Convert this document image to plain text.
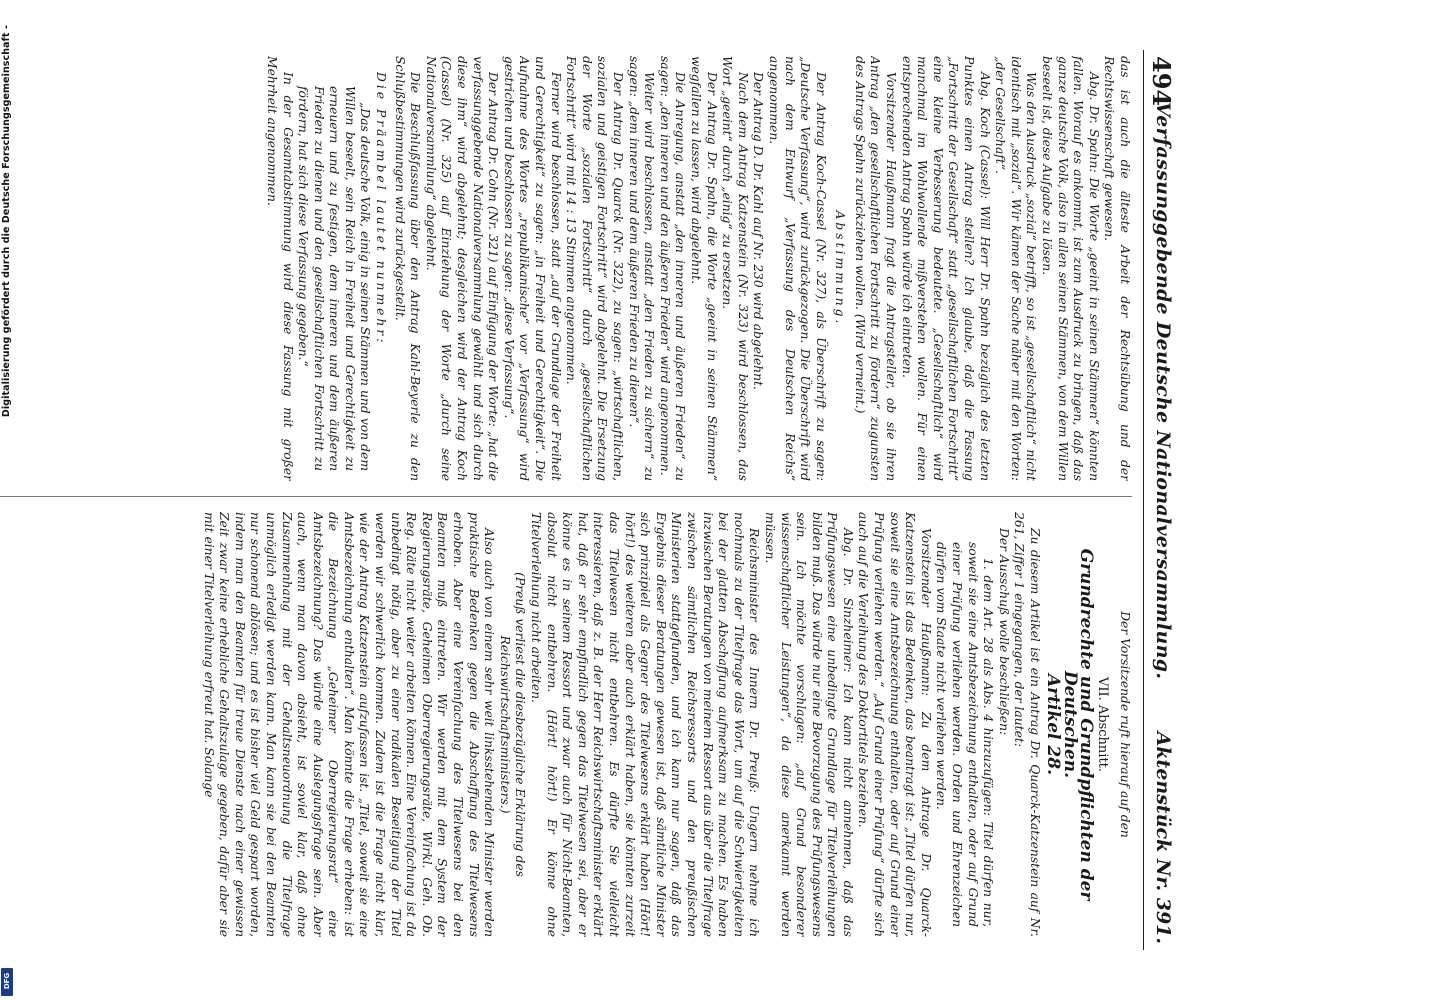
494
Verfassunggebende Deutsche Nationalversammlung.
Aktenstück Nr. 391.

das ist auch die älteste Arbeit der Rechtsübung und der Rechtswissenschaft gewesen.

Abg. Dr. Spahn: Die Worte „geeint in seinen Stämmen“ könnten fallen. Worauf es ankommt, ist zum Ausdruck zu bringen, daß das ganze deutsche Volk, also in allen seinen Stämmen, von dem Willen beseelt ist, diese Aufgabe zu lösen.

Was den Ausdruck „sozial“ betrifft, so ist „gesellschaftlich“ nicht identisch mit „sozial“. Wir kämen der Sache näher mit den Worten: „der Gesellschaft“.

Abg. Koch (Cassel): Will Herr Dr. Spahn bezüglich des letzten Punktes einen Antrag stellen? Ich glaube, daß die Fassung „Fortschritt der Gesellschaft“ statt „gesellschaftlichen Fortschritt“ eine kleine Verbesserung bedeutete. „Gesellschaftlich“ wird manchmal im Wohlwollende mißverstehen wollen. Für einen entsprechenden Antrag Spahn würde ich eintreten.

Vorsitzender Haußmann fragt die Antragsteller, ob sie ihren Antrag „den gesellschaftlichen Fortschritt zu fördern“ zugunsten des Antrags Spahn zurückziehen wollen. (Wird verneint.)

Abstimmung.

Der Antrag Koch-Cassel (Nr. 327), als Überschrift zu sagen: „Deutsche Verfassung“, wird zurückgezogen. Die Überschrift wird nach dem Entwurf „Verfassung des Deutschen Reichs“ angenommen.

Der Antrag D. Dr. Kahl auf Nr. 230 wird abgelehnt.

Nach dem Antrag Katzenstein (Nr. 323) wird beschlossen, das Wort „geeint“ durch „einig“ zu ersetzen.

Der Antrag Dr. Spahn, die Worte „geeint in seinen Stämmen“ wegfallen zu lassen, wird abgelehnt.

Die Anregung, anstatt „den inneren und äußeren Frieden“ zu sagen: „den inneren und den äußeren Frieden“ wird angenommen.

Weiter wird beschlossen, anstatt „den Frieden zu sichern“ zu sagen: „dem inneren und dem äußeren Frieden zu dienen“.

Der Antrag Dr. Quarck (Nr. 322), zu sagen: „wirtschaftlichen, sozialen und geistigen Fortschritt“ wird abgelehnt. Die Ersetzung der Worte „sozialen Fortschritt“ durch „gesellschaftlichen Fortschritt“ wird mit 14 : 13 Stimmen angenommen.

Ferner wird beschlossen, statt „auf der Grundlage der Freiheit und Gerechtigkeit“ zu sagen: „in Freiheit und Gerechtigkeit“. Die Aufnahme des Wortes „republikanische“ vor „Verfassung“ wird gestrichen und beschlossen zu sagen: „diese Verfassung“.

Der Antrag Dr. Cohn (Nr. 321) auf Einfügung der Worte: „hat die verfassunggebende Nationalversammlung gewählt und sich durch diese ihm“ wird abgelehnt; desgleichen wird der Antrag Koch (Cassel) (Nr. 325) auf Einziehung der Worte „durch seine Nationalversammlung“ abgelehnt.

Die Beschlußfassung über den Antrag Kahl-Beyerle zu den Schlußbestimmungen wird zurückgestellt.

Die Präambel lautet nunmehr:

„Das deutsche Volk, einig in seinen Stämmen und von dem Willen beseelt, sein Reich in Freiheit und Gerechtigkeit zu erneuern und zu festigen, dem inneren und dem äußeren Frieden zu dienen und den gesellschaftlichen Fortschritt zu fördern, hat sich diese Verfassung gegeben.“

In der Gesamtabstimmung wird diese Fassung mit großer Mehrheit angenommen.

Der Vorsitzende ruft hierauf auf den

VII. Abschnitt.

Grundrechte und Grundpflichten der Deutschen.

Artikel 28.

Zu diesem Artikel ist ein Antrag Dr. Quarck-Katzenstein auf Nr. 261, Ziffer 1 eingegangen, der lautet:

Der Ausschuß wolle beschließen:

1. dem Art. 28 als Abs. 4 hinzuzufügen: Titel dürfen nur, soweit sie eine Amtsbezeichnung enthalten, oder auf Grund einer Prüfung verliehen werden. Orden und Ehrenzeichen dürfen vom Staate nicht verliehen werden.

Vorsitzender Haußmann: Zu dem Antrage Dr. Quarck-Katzenstein ist das Bedenken, das beantragt ist: „Titel dürfen nur, soweit sie eine Amtsbezeichnung enthalten, oder auf Grund einer Prüfung verliehen werden.“ „Auf Grund einer Prüfung“ dürfte sich auch auf die Verleihung des Doktortitels beziehen.

Abg. Dr. Sinzheimer: Ich kann nicht annehmen, daß das Prüfungswesen eine unbedingte Grundlage für Titelverleihungen bilden muß. Das würde nur eine Bevorzugung des Prüfungswesens sein. Ich möchte vorschlagen: „auf Grund besonderer wissenschaftlicher Leistungen“, da diese anerkannt werden müssen.

Reichsminister des Innern Dr. Preuß: Ungern nehme ich nochmals zu der Titelfrage das Wort, um auf die Schwierigkeiten bei der glatten Abschaffung aufmerksam zu machen. Es haben inzwischen Beratungen von meinem Ressort aus über die Titelfrage zwischen sämtlichen Reichsressorts und den preußischen Ministerien stattgefunden, und ich kann nur sagen, daß das Ergebnis dieser Beratungen gewesen ist, daß sämtliche Minister sich prinzipiell als Gegner des Titelwesens erklärt haben (Hört! hört!) des weiteren aber auch erklärt haben, sie könnten zurzeit das Titelwesen nicht entbehren. Es dürfte Sie vielleicht interessieren, daß z. B. der Herr Reichswirtschaftsminister erklärt hat, daß er sehr empfindlich gegen das Titelwesen sei, aber er könne es in seinem Ressort und zwar auch für Nicht-Beamten, absolut nicht entbehren. (Hört! hört!) Er könne ohne Titelverleihung nicht arbeiten.

(Preuß verliest die diesbezügliche Erklärung des Reichswirtschaftsministers.)

Also auch von einem sehr weit linksstehenden Minister werden praktische Bedenken gegen die Abschaffung des Titelwesens erhoben. Aber eine Vereinfachung des Titelwesens bei den Beamten muß eintreten. Wir werden mit dem System der Regierungsräte, Geheimen Oberregierungsräte, Wirkl. Geh. Ob. Reg. Räte nicht weiter arbeiten können. Eine Vereinfachung ist da unbedingt nötig, aber zu einer radikalen Beseitigung der Titel werden wir schwerlich kommen. Zudem ist die Frage nicht klar, wie der Antrag Katzenstein aufzufassen ist. „Titel, soweit sie eine Amtsbezeichnung enthalten“. Man könnte die Frage erheben: ist die Bezeichnung „Geheimer Oberregierungsrat“ eine Amtsbezeichnung? Das würde eine Auslegungsfrage sein. Aber auch, wenn man davon absieht, ist soviel klar, daß ohne Zusammenhang mit der Gehaltsneuordnung die Titelfrage unmöglich erledigt werden kann. Man kann sie bei den Beamten nur schonend ablösen; und es ist bisher viel Geld gespart worden, indem man den Beamten für treue Dienste nach einer gewissen Zeit zwar keine erhebliche Gehaltszulage gegeben, dafür aber sie mit einer Titelverleihung erfreut hat. Solange

Digitalisierung gefördert durch die Deutsche Forschungsgemeinschaft -
DFG
